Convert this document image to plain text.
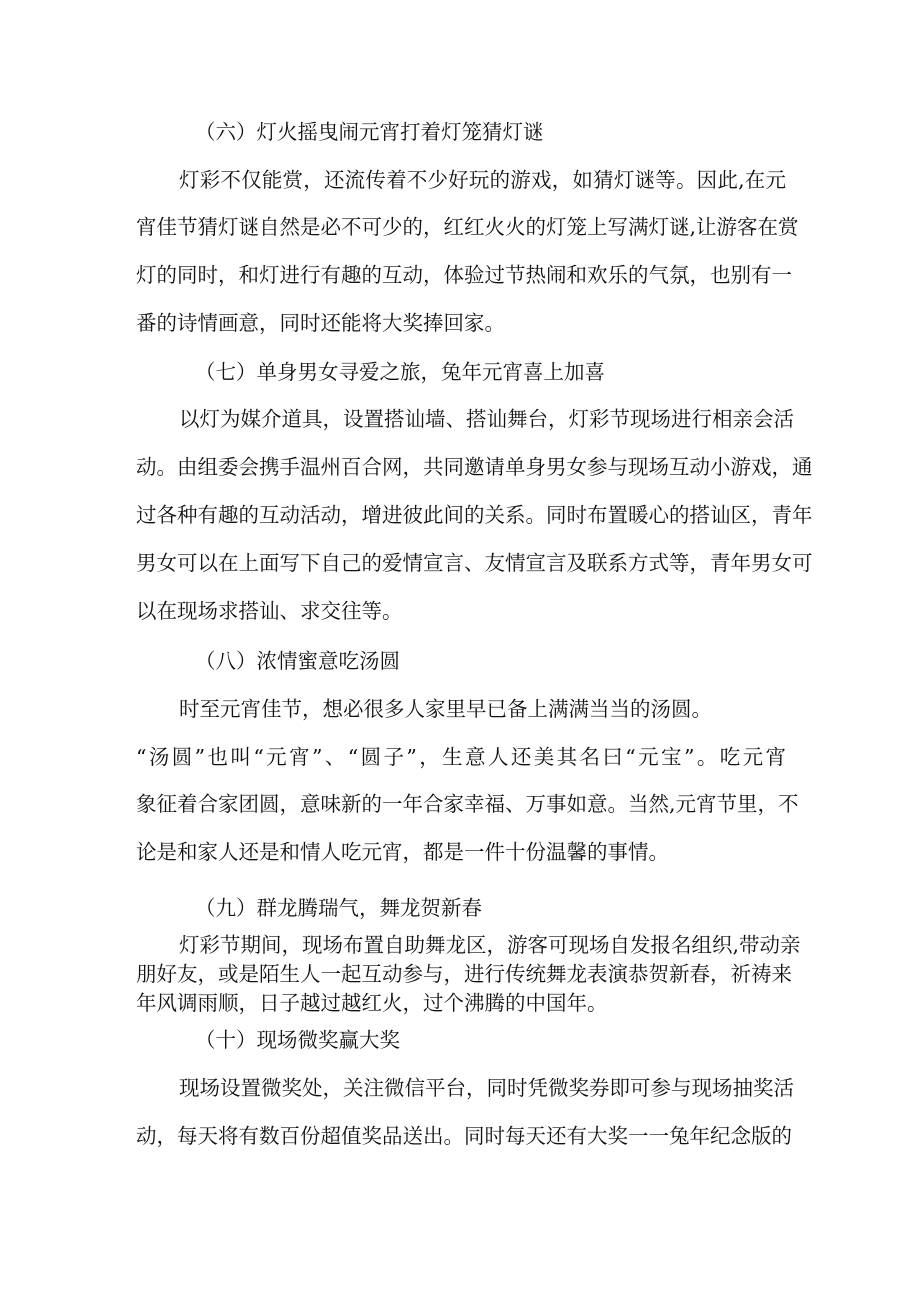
（六）灯火摇曳闹元宵打着灯笼猜灯谜

灯彩不仅能赏，还流传着不少好玩的游戏，如猜灯谜等。因此,在元

宵佳节猜灯谜自然是必不可少的，红红火火的灯笼上写满灯谜,让游客在赏

灯的同时，和灯进行有趣的互动，体验过节热闹和欢乐的气氛，也别有一

番的诗情画意，同时还能将大奖捧回家。

（七）单身男女寻爱之旅，兔年元宵喜上加喜

以灯为媒介道具，设置搭讪墙、搭讪舞台，灯彩节现场进行相亲会活

动。由组委会携手温州百合网，共同邀请单身男女参与现场互动小游戏，通

过各种有趣的互动活动，增进彼此间的关系。同时布置暖心的搭讪区，青年

男女可以在上面写下自己的爱情宣言、友情宣言及联系方式等，青年男女可

以在现场求搭讪、求交往等。

（八）浓情蜜意吃汤圆

时至元宵佳节，想必很多人家里早已备上满满当当的汤圆。

“汤圆”也叫“元宵”、“圆子”，生意人还美其名曰“元宝”。吃元宵

象征着合家团圆，意味新的一年合家幸福、万事如意。当然,元宵节里，不

论是和家人还是和情人吃元宵，都是一件十份温馨的事情。

（九）群龙腾瑞气，舞龙贺新春

灯彩节期间，现场布置自助舞龙区，游客可现场自发报名组织,带动亲

朋好友，或是陌生人一起互动参与，进行传统舞龙表演恭贺新春，祈祷来

年风调雨顺，日子越过越红火，过个沸腾的中国年。

（十）现场微奖赢大奖

现场设置微奖处，关注微信平台，同时凭微奖券即可参与现场抽奖活

动，每天将有数百份超值奖品送出。同时每天还有大奖一一兔年纪念版的
